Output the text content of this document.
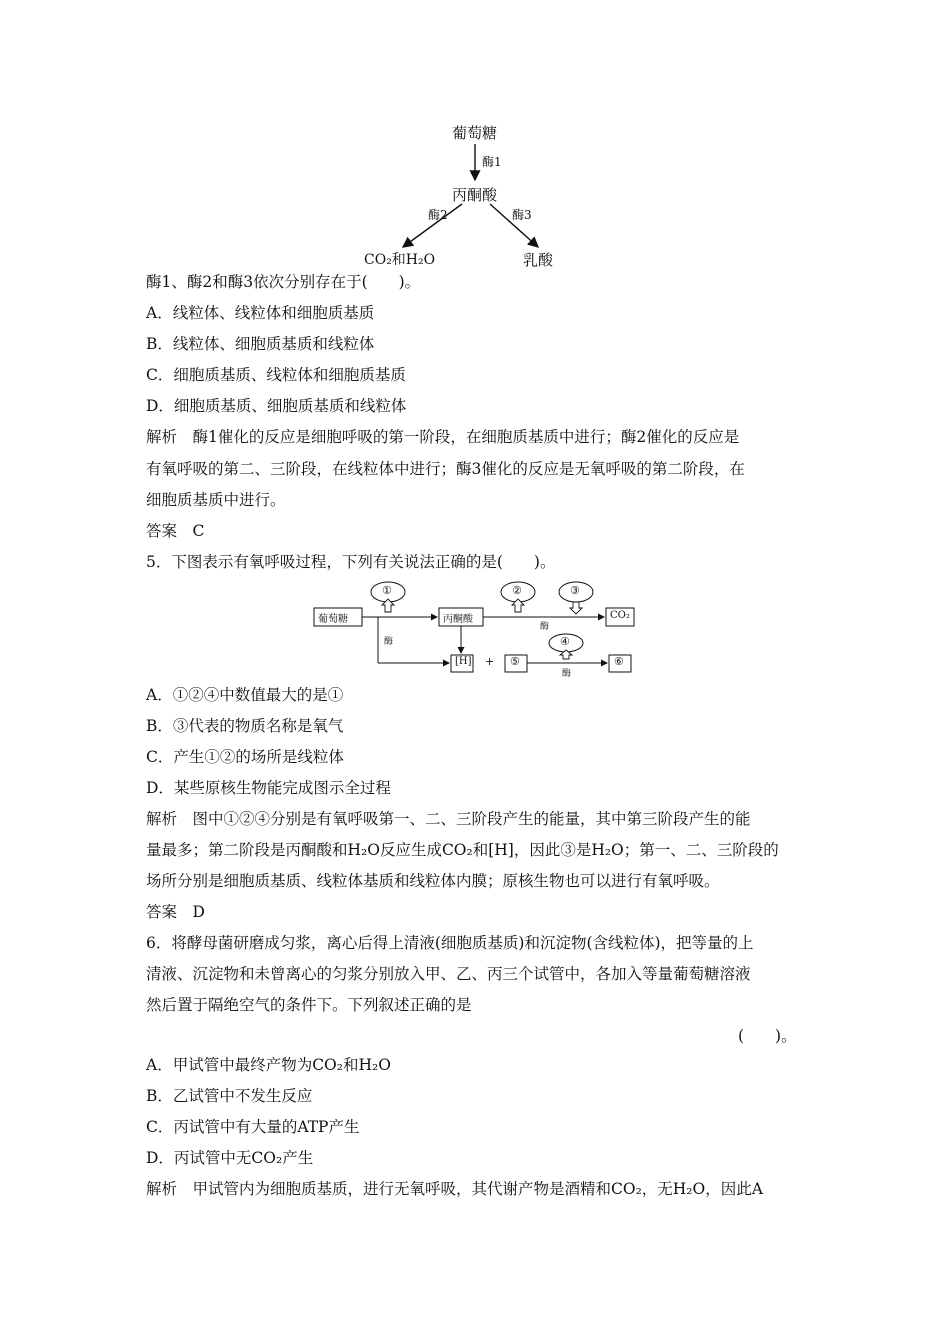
葡萄糖
酶1
丙酮酸
酶2	酶3
CO₂和H₂O	乳酸
酶1、酶2和酶3依次分别存在于(　　)。
A．线粒体、线粒体和细胞质基质
B．线粒体、细胞质基质和线粒体
C．细胞质基质、线粒体和细胞质基质
D．细胞质基质、细胞质基质和线粒体
解析　酶1催化的反应是细胞呼吸的第一阶段，在细胞质基质中进行；酶2催化的反应是
有氧呼吸的第二、三阶段，在线粒体中进行；酶3催化的反应是无氧呼吸的第二阶段，在
细胞质基质中进行。
答案　C
5．下图表示有氧呼吸过程，下列有关说法正确的是(　　)。
葡萄糖	丙酮酸	CO₂
[H] + ⑤	⑥
①	②	③
④
酶
酶
酶
A．①②④中数值最大的是①
B．③代表的物质名称是氧气
C．产生①②的场所是线粒体
D．某些原核生物能完成图示全过程
解析　图中①②④分别是有氧呼吸第一、二、三阶段产生的能量，其中第三阶段产生的能
量最多；第二阶段是丙酮酸和H₂O反应生成CO₂和[H]，因此③是H₂O；第一、二、三阶段的
场所分别是细胞质基质、线粒体基质和线粒体内膜；原核生物也可以进行有氧呼吸。
答案　D
6．将酵母菌研磨成匀浆，离心后得上清液(细胞质基质)和沉淀物(含线粒体)，把等量的上
清液、沉淀物和未曾离心的匀浆分别放入甲、乙、丙三个试管中，各加入等量葡萄糖溶液
然后置于隔绝空气的条件下。下列叙述正确的是
(　　)。
A．甲试管中最终产物为CO₂和H₂O
B．乙试管中不发生反应
C．丙试管中有大量的ATP产生
D．丙试管中无CO₂产生
解析　甲试管内为细胞质基质，进行无氧呼吸，其代谢产物是酒精和CO₂，无H₂O，因此A
